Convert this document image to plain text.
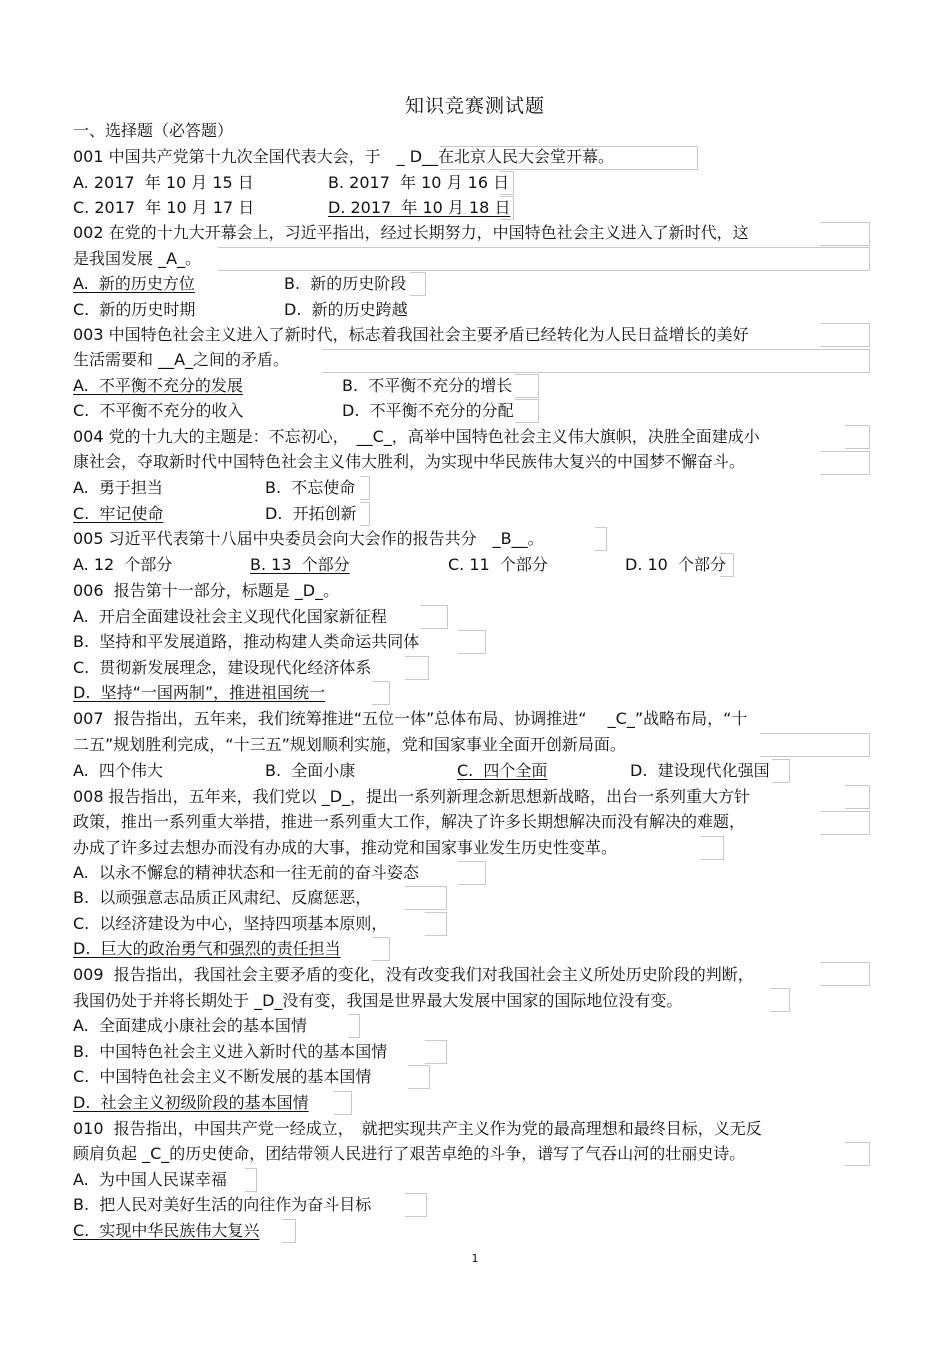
知识竞赛测试题
一、选择题（必答题）
001 中国共产党第十九次全国代表大会，于　_ D__在北京人民大会堂开幕。
A. 2017  年 10 月 15 日	B. 2017  年 10 月 16 日
C. 2017  年 10 月 17 日	D. 2017  年 10 月 18 日
002 在党的十九大开幕会上，习近平指出，经过长期努力，中国特色社会主义进入了新时代，这
是我国发展 _A_。
A.  新的历史方位	B.  新的历史阶段
C.  新的历史时期	D.  新的历史跨越
003 中国特色社会主义进入了新时代，标志着我国社会主要矛盾已经转化为人民日益增长的美好
生活需要和 __A_之间的矛盾。
A.  不平衡不充分的发展	B.  不平衡不充分的增长
C.  不平衡不充分的收入	D.  不平衡不充分的分配
004 党的十九大的主题是：不忘初心，　__C_，高举中国特色社会主义伟大旗帜，决胜全面建成小
康社会，夺取新时代中国特色社会主义伟大胜利，为实现中华民族伟大复兴的中国梦不懈奋斗。
A.  勇于担当	B.  不忘使命
C.  牢记使命	D.  开拓创新
005 习近平代表第十八届中央委员会向大会作的报告共分　_B__。
A. 12  个部分	B. 13  个部分	C. 11  个部分	D. 10  个部分
006  报告第十一部分，标题是 _D_。
A.  开启全面建设社会主义现代化国家新征程
B.  坚持和平发展道路，推动构建人类命运共同体
C.  贯彻新发展理念，建设现代化经济体系
D.  坚持“一国两制”，推进祖国统一
007  报告指出，五年来，我们统筹推进“五位一体”总体布局、协调推进“　 _C_”战略布局，“十
二五”规划胜利完成，“十三五”规划顺利实施，党和国家事业全面开创新局面。
A.  四个伟大	B.  全面小康	C.  四个全面	D.  建设现代化强国
008 报告指出，五年来，我们党以 _D_，提出一系列新理念新思想新战略，出台一系列重大方针
政策，推出一系列重大举措，推进一系列重大工作，解决了许多长期想解决而没有解决的难题，
办成了许多过去想办而没有办成的大事，推动党和国家事业发生历史性变革。
A.  以永不懈怠的精神状态和一往无前的奋斗姿态
B.  以顽强意志品质正风肃纪、反腐惩恶，
C.  以经济建设为中心，坚持四项基本原则，
D.  巨大的政治勇气和强烈的责任担当
009  报告指出，我国社会主要矛盾的变化，没有改变我们对我国社会主义所处历史阶段的判断，
我国仍处于并将长期处于 _D_没有变，我国是世界最大发展中国家的国际地位没有变。
A.  全面建成小康社会的基本国情
B.  中国特色社会主义进入新时代的基本国情
C.  中国特色社会主义不断发展的基本国情
D.  社会主义初级阶段的基本国情
010  报告指出，中国共产党一经成立，　就把实现共产主义作为党的最高理想和最终目标，义无反
顾肩负起 _C_的历史使命，团结带领人民进行了艰苦卓绝的斗争，谱写了气吞山河的壮丽史诗。
A.  为中国人民谋幸福
B.  把人民对美好生活的向往作为奋斗目标
C.  实现中华民族伟大复兴
1
